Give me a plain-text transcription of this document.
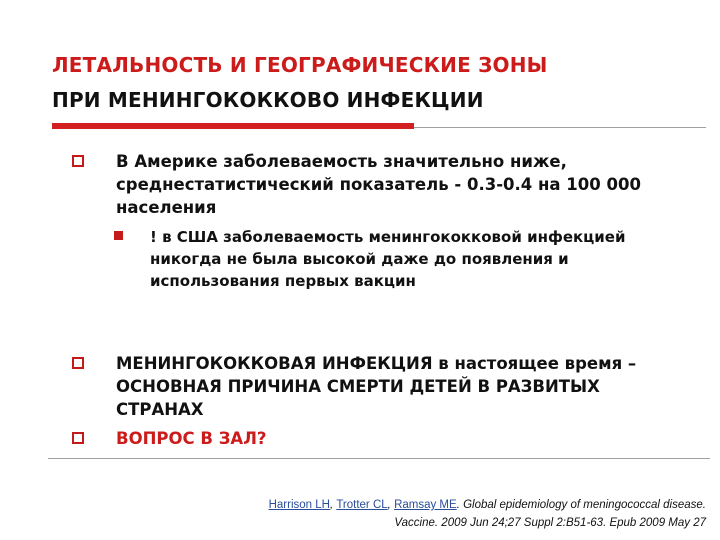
ЛЕТАЛЬНОСТЬ И ГЕОГРАФИЧЕСКИЕ ЗОНЫ
ПРИ МЕНИНГОКОККОВО ИНФЕКЦИИ
В Америке заболеваемость значительно ниже, среднестатистический показатель - 0.3-0.4 на 100 000 населения
! в США заболеваемость менингококковой инфекцией никогда не была высокой даже до появления и использования первых вакцин
МЕНИНГОКОККОВАЯ ИНФЕКЦИЯ в настоящее время –ОСНОВНАЯ ПРИЧИНА СМЕРТИ ДЕТЕЙ В РАЗВИТЫХ СТРАНАХ
ВОПРОС В ЗАЛ?
Harrison LH, Trotter CL, Ramsay ME. Global epidemiology of meningococcal disease.
Vaccine. 2009 Jun 24;27 Suppl 2:B51-63. Epub 2009 May 27
